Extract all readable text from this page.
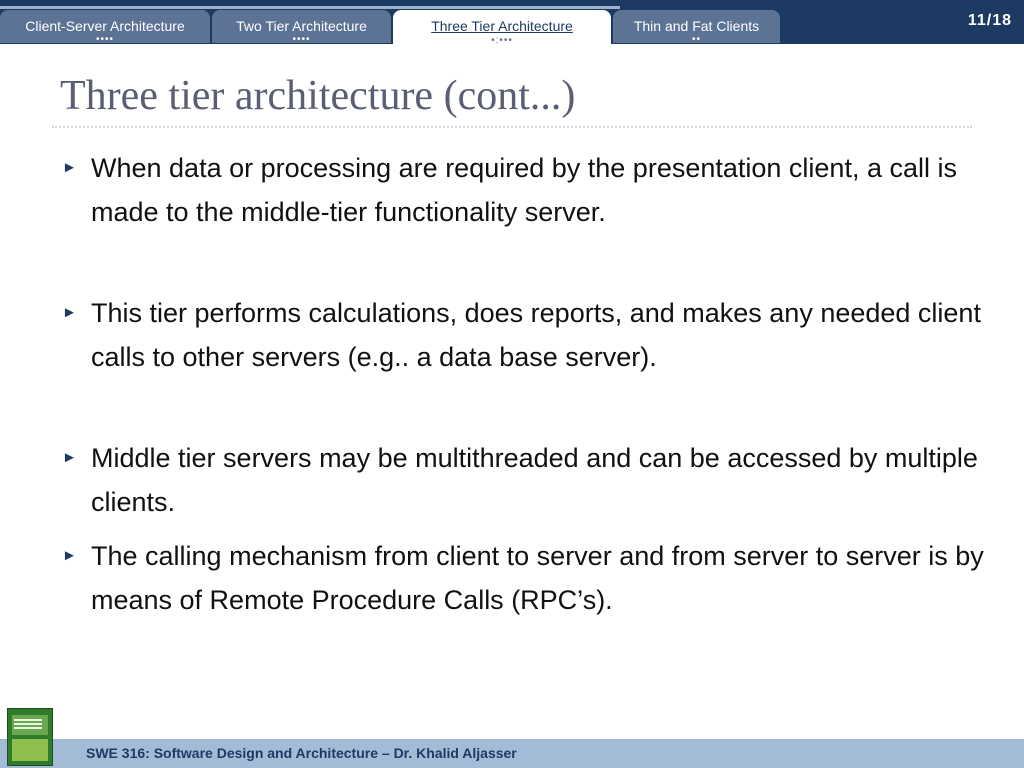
Client-Server Architecture
••••
Two Tier Architecture
••••
Three Tier Architecture
•:•••
Thin and Fat Clients
••
11/18
Three tier architecture (cont...)
► When data or processing are required by the presentation client, a call is made to the middle-tier functionality server.
► This tier performs calculations, does reports, and makes any needed client calls to other servers (e.g.. a data base server).
► Middle tier servers may be multithreaded and can be accessed by multiple clients.
► The calling mechanism from client to server and from server to server is by means of Remote Procedure Calls (RPC’s).
SWE 316: Software Design and Architecture – Dr. Khalid Aljasser
